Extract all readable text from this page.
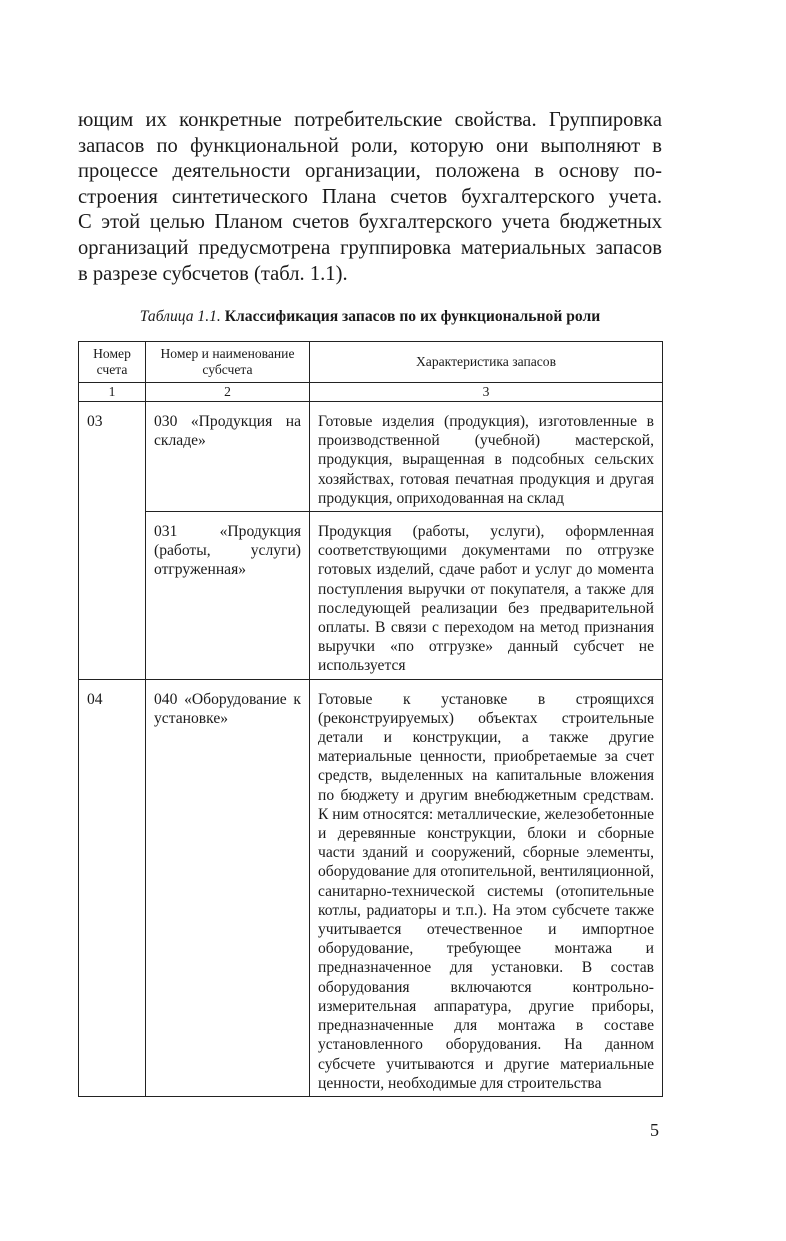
ющим их конкретные потребительские свойства. Группировка
запасов по функциональной роли, которую они выполняют в
процессе деятельности организации, положена в основу по-
строения синтетического Плана счетов бухгалтерского учета.
С этой целью Планом счетов бухгалтерского учета бюджетных
организаций предусмотрена группировка материальных запасов
в разрезе субсчетов (табл. 1.1).
Таблица 1.1. Классификация запасов по их функциональной роли
Номер счета	Номер и наименование субсчета	Характеристика запасов
1	2	3
03	030 «Продукция на складе»	Готовые изделия (продукция), изготовленные в производственной (учебной) мастерской, продукция, выращенная в подсобных сельских хозяйствах, готовая печатная продукция и другая продукция, оприходованная на склад
	031 «Продукция (работы, услуги) отгруженная»	Продукция (работы, услуги), оформленная соответствующими документами по отгрузке готовых изделий, сдаче работ и услуг до момента поступления выручки от покупателя, а также для последующей реализации без предварительной оплаты. В связи с переходом на метод признания выручки «по отгрузке» данный субсчет не используется
04	040 «Оборудование к установке»	Готовые к установке в строящихся (реконструируемых) объектах строительные детали и конструкции, а также другие материальные ценности, приобретаемые за счет средств, выделенных на капитальные вложения по бюджету и другим внебюджетным средствам. К ним относятся: металлические, железобетонные и деревянные конструкции, блоки и сборные части зданий и сооружений, сборные элементы, оборудование для отопительной, вентиляционной, санитарно-технической системы (отопительные котлы, радиаторы и т.п.). На этом субсчете также учитывается отечественное и импортное оборудование, требующее монтажа и предназначенное для установки. В состав оборудования включаются контрольно-измерительная аппаратура, другие приборы, предназначенные для монтажа в составе установленного оборудования. На данном субсчете учитываются и другие материальные ценности, необходимые для строительства
5
